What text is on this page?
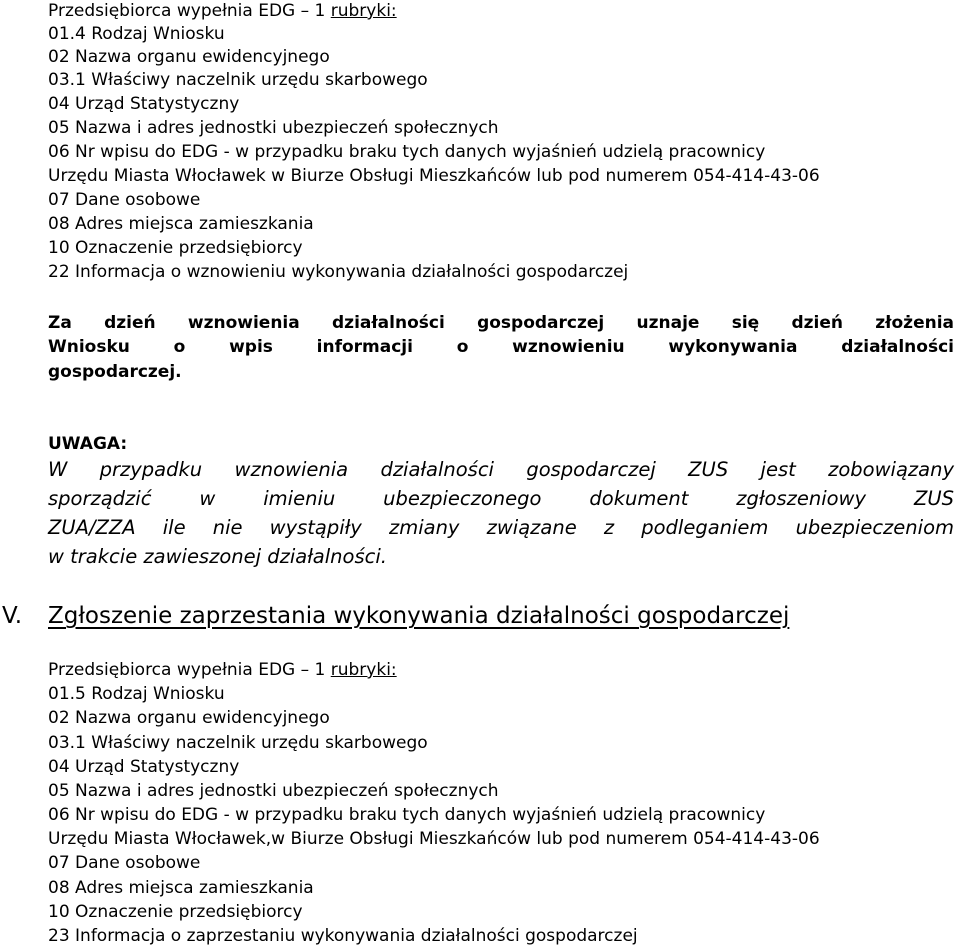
Przedsiębiorca wypełnia EDG – 1 rubryki:
01.4 Rodzaj Wniosku
02 Nazwa organu ewidencyjnego
03.1 Właściwy naczelnik urzędu skarbowego
04 Urząd Statystyczny
05 Nazwa i adres jednostki ubezpieczeń społecznych
06 Nr wpisu do EDG - w przypadku braku tych danych wyjaśnień udzielą pracownicy
Urzędu Miasta Włocławek w Biurze Obsługi Mieszkańców lub pod numerem 054-414-43-06
07 Dane osobowe
08 Adres miejsca zamieszkania
10 Oznaczenie przedsiębiorcy
22 Informacja o wznowieniu wykonywania działalności gospodarczej
Za dzień wznowienia działalności gospodarczej uznaje się dzień złożenia
Wniosku o wpis informacji o wznowieniu wykonywania działalności
gospodarczej.
UWAGA:
W przypadku wznowienia działalności gospodarczej ZUS jest zobowiązany
sporządzić w imieniu ubezpieczonego dokument zgłoszeniowy ZUS
ZUA/ZZA ile nie wystąpiły zmiany związane z podleganiem ubezpieczeniom
w trakcie zawieszonej działalności.
V. Zgłoszenie zaprzestania wykonywania działalności gospodarczej
Przedsiębiorca wypełnia EDG – 1 rubryki:
01.5 Rodzaj Wniosku
02 Nazwa organu ewidencyjnego
03.1 Właściwy naczelnik urzędu skarbowego
04 Urząd Statystyczny
05 Nazwa i adres jednostki ubezpieczeń społecznych
06 Nr wpisu do EDG - w przypadku braku tych danych wyjaśnień udzielą pracownicy
Urzędu Miasta Włocławek,w Biurze Obsługi Mieszkańców lub pod numerem 054-414-43-06
07 Dane osobowe
08 Adres miejsca zamieszkania
10 Oznaczenie przedsiębiorcy
23 Informacja o zaprzestaniu wykonywania działalności gospodarczej
